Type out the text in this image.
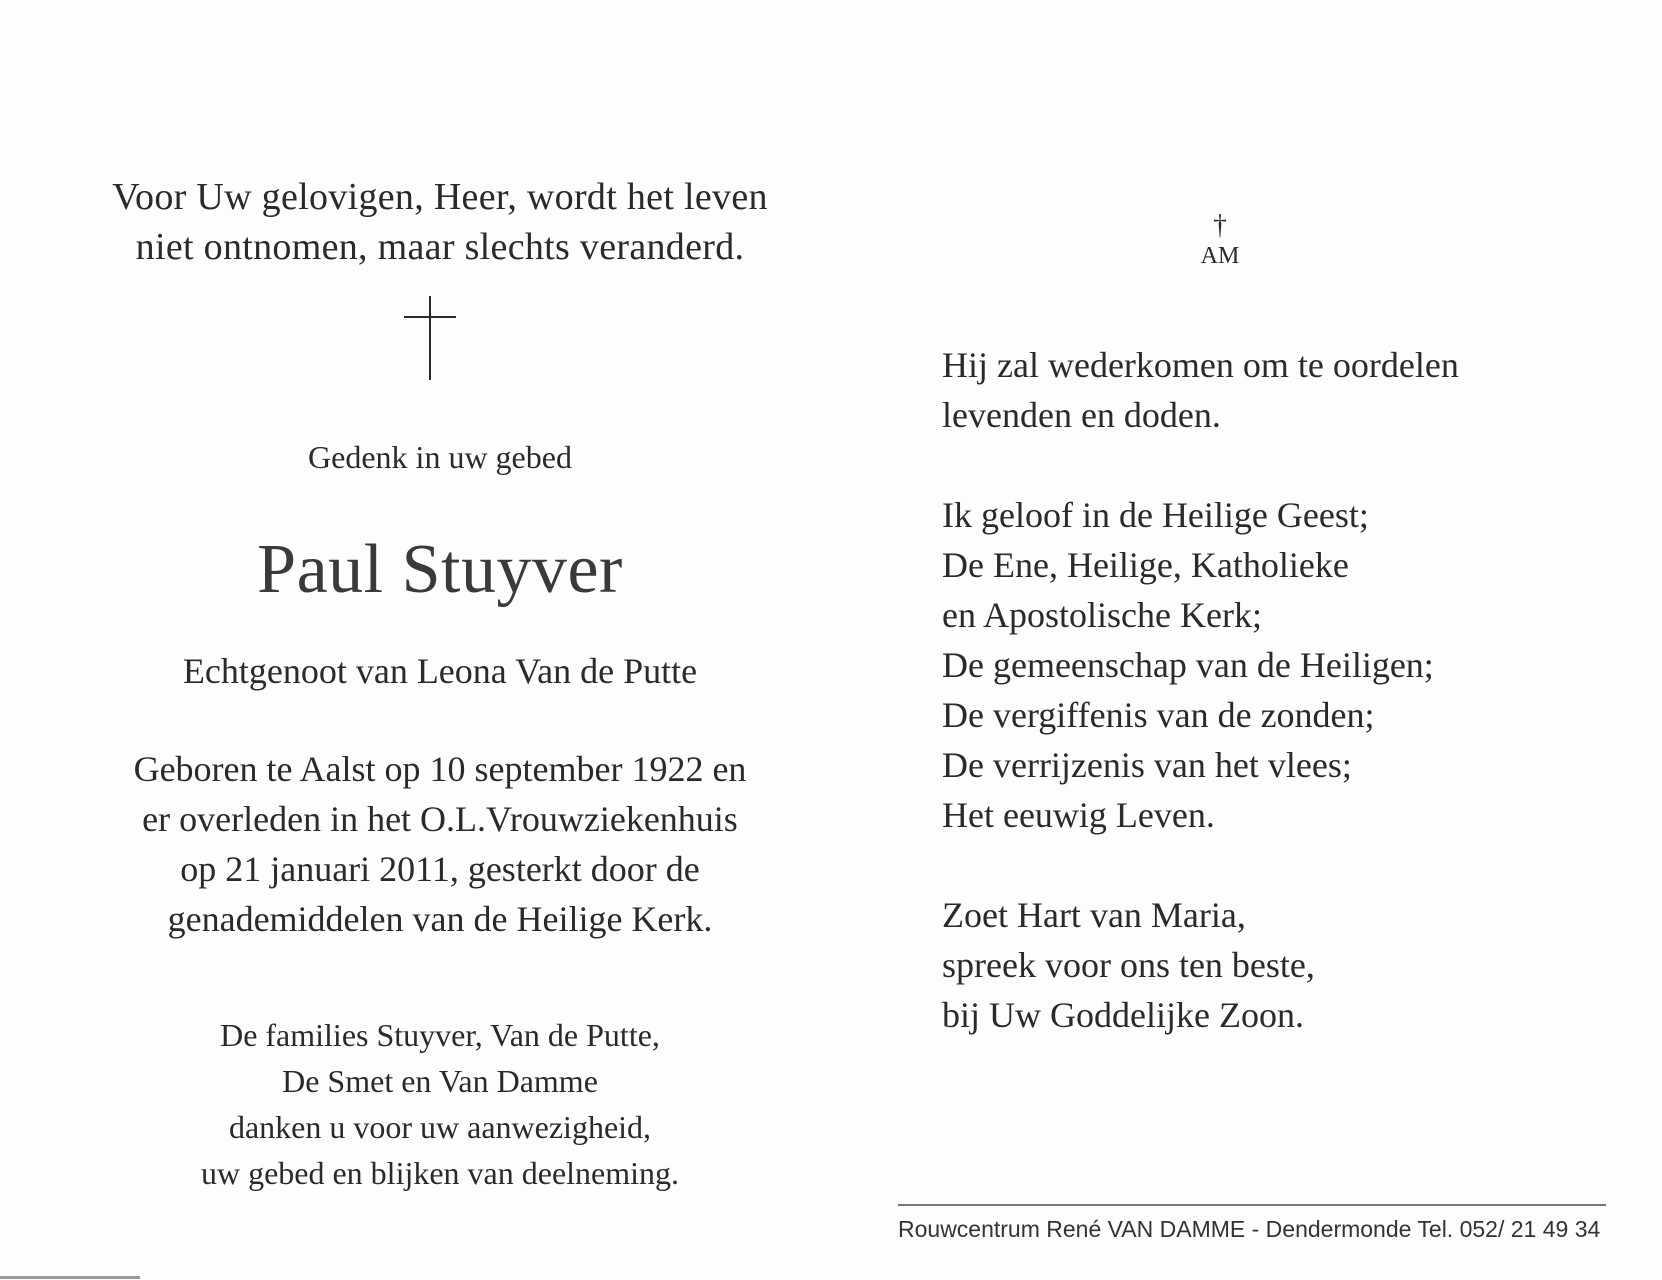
Voor Uw gelovigen, Heer, wordt het leven
niet ontnomen, maar slechts veranderd.
Gedenk in uw gebed
Paul Stuyver
Echtgenoot van Leona Van de Putte
Geboren te Aalst op 10 september 1922 en
er overleden in het O.L.Vrouwziekenhuis
op 21 januari 2011, gesterkt door de
genademiddelen van de Heilige Kerk.
De families Stuyver, Van de Putte,
De Smet en Van Damme
danken u voor uw aanwezigheid,
uw gebed en blijken van deelneming.
†
AM
Hij zal wederkomen om te oordelen
levenden en doden.
Ik geloof in de Heilige Geest;
De Ene, Heilige, Katholieke
en Apostolische Kerk;
De gemeenschap van de Heiligen;
De vergiffenis van de zonden;
De verrijzenis van het vlees;
Het eeuwig Leven.
Zoet Hart van Maria,
spreek voor ons ten beste,
bij Uw Goddelijke Zoon.
Rouwcentrum René VAN DAMME - Dendermonde Tel. 052/ 21 49 34
